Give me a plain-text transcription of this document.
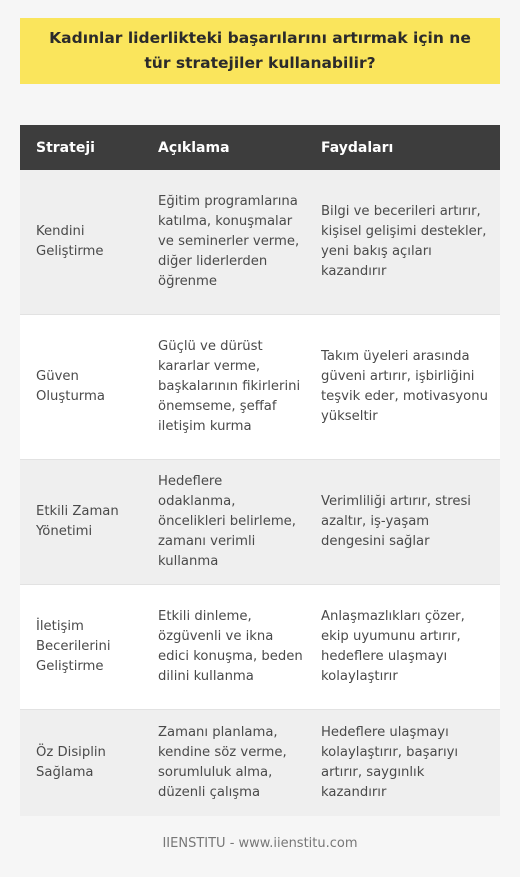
Kadınlar liderlikteki başarılarını artırmak için ne tür stratejiler kullanabilir?
Strateji	Açıklama	Faydaları
Kendini Geliştirme
Eğitim programlarına katılma, konuşmalar ve seminerler verme, diğer liderlerden öğrenme
Bilgi ve becerileri artırır, kişisel gelişimi destekler, yeni bakış açıları kazandırır
Güven Oluşturma
Güçlü ve dürüst kararlar verme, başkalarının fikirlerini önemseme, şeffaf iletişim kurma
Takım üyeleri arasında güveni artırır, işbirliğini teşvik eder, motivasyonu yükseltir
Etkili Zaman Yönetimi
Hedeflere odaklanma, öncelikleri belirleme, zamanı verimli kullanma
Verimliliği artırır, stresi azaltır, iş-yaşam dengesini sağlar
İletişim Becerilerini Geliştirme
Etkili dinleme, özgüvenli ve ikna edici konuşma, beden dilini kullanma
Anlaşmazlıkları çözer, ekip uyumunu artırır, hedeflere ulaşmayı kolaylaştırır
Öz Disiplin Sağlama
Zamanı planlama, kendine söz verme, sorumluluk alma, düzenli çalışma
Hedeflere ulaşmayı kolaylaştırır, başarıyı artırır, saygınlık kazandırır
IIENSTITU - www.iienstitu.com
